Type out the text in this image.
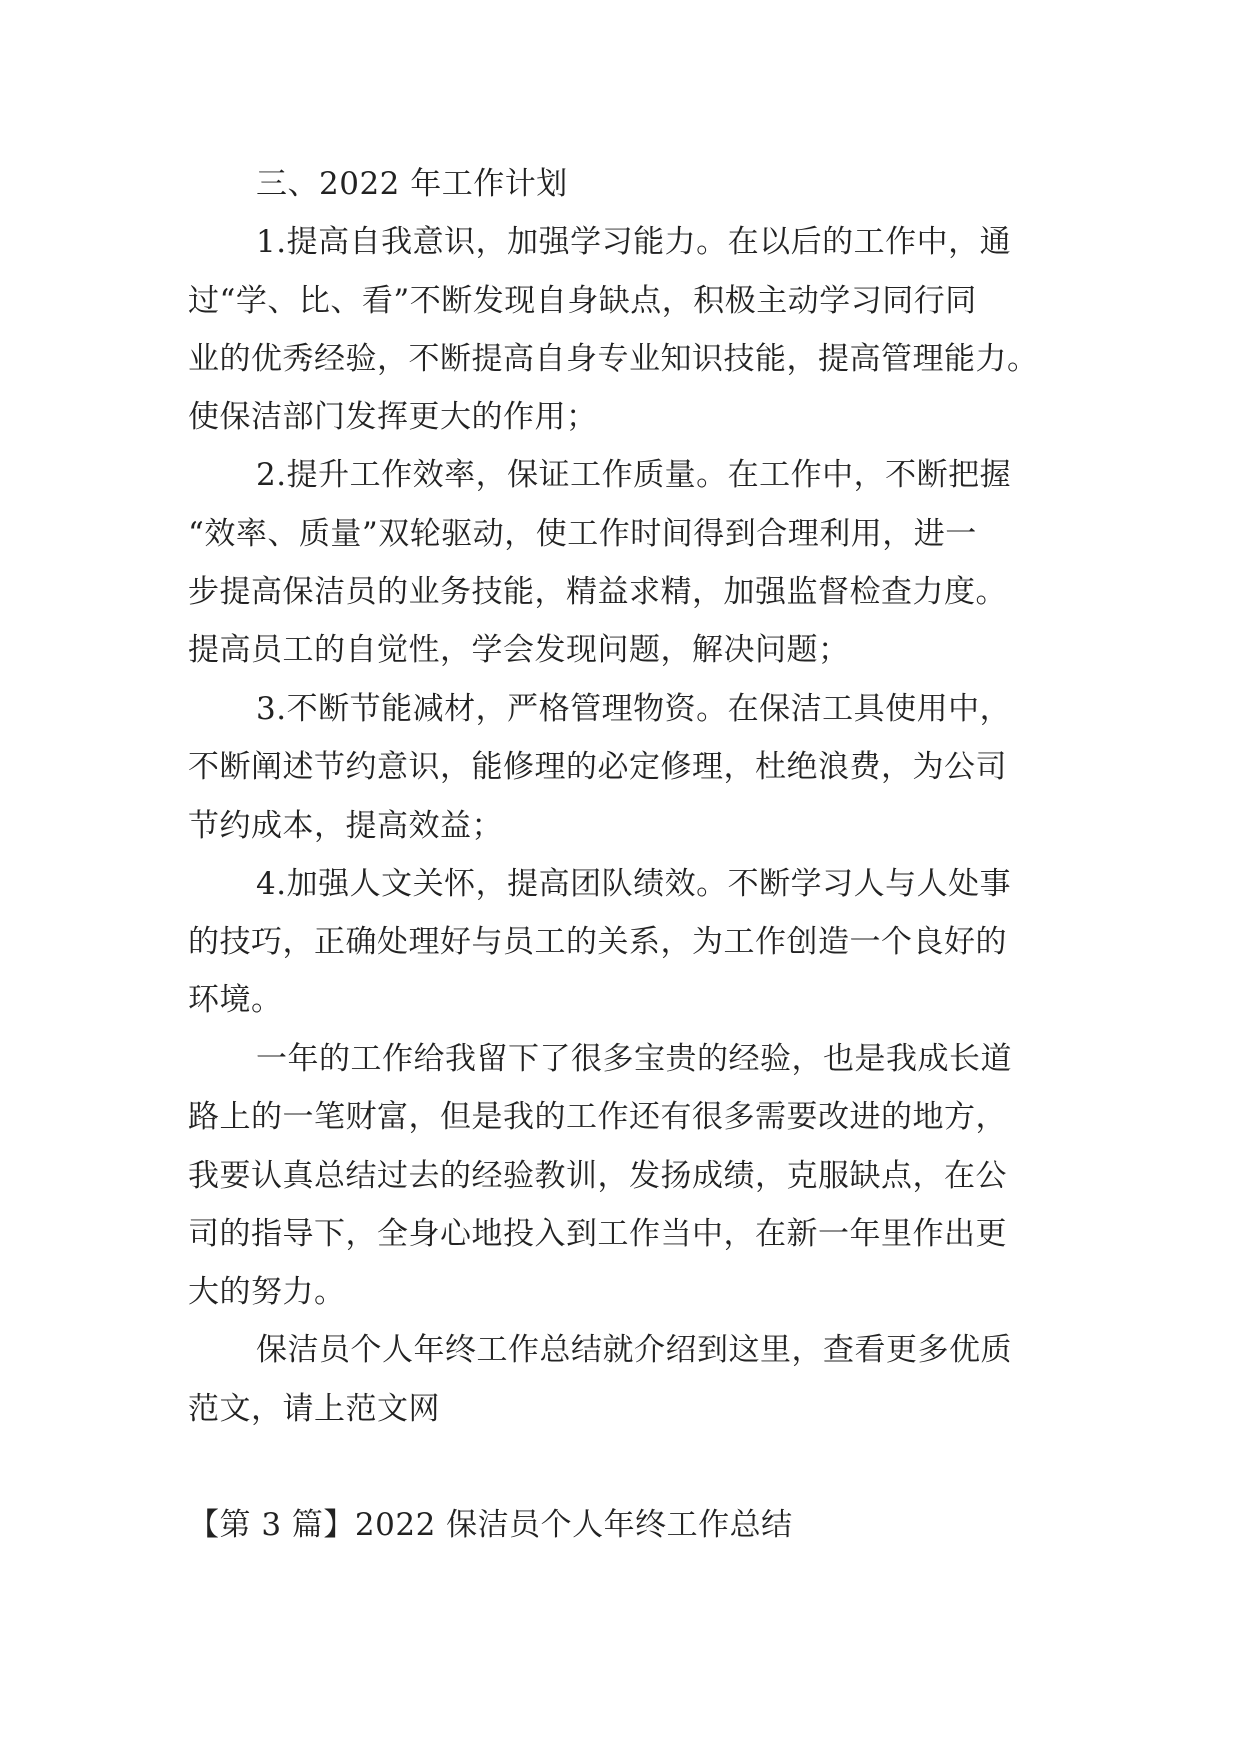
三、2022 年工作计划
1.提高自我意识，加强学习能力。在以后的工作中，通
过“学、比、看”不断发现自身缺点，积极主动学习同行同
业的优秀经验，不断提高自身专业知识技能，提高管理能力。
使保洁部门发挥更大的作用；
2.提升工作效率，保证工作质量。在工作中，不断把握
“效率、质量”双轮驱动，使工作时间得到合理利用，进一
步提高保洁员的业务技能，精益求精，加强监督检查力度。
提高员工的自觉性，学会发现问题，解决问题；
3.不断节能减材，严格管理物资。在保洁工具使用中，
不断阐述节约意识，能修理的必定修理，杜绝浪费，为公司
节约成本，提高效益；
4.加强人文关怀，提高团队绩效。不断学习人与人处事
的技巧，正确处理好与员工的关系，为工作创造一个良好的
环境。
一年的工作给我留下了很多宝贵的经验，也是我成长道
路上的一笔财富，但是我的工作还有很多需要改进的地方，
我要认真总结过去的经验教训，发扬成绩，克服缺点，在公
司的指导下，全身心地投入到工作当中，在新一年里作出更
大的努力。
保洁员个人年终工作总结就介绍到这里，查看更多优质
范文，请上范文网
【第 3 篇】2022 保洁员个人年终工作总结
